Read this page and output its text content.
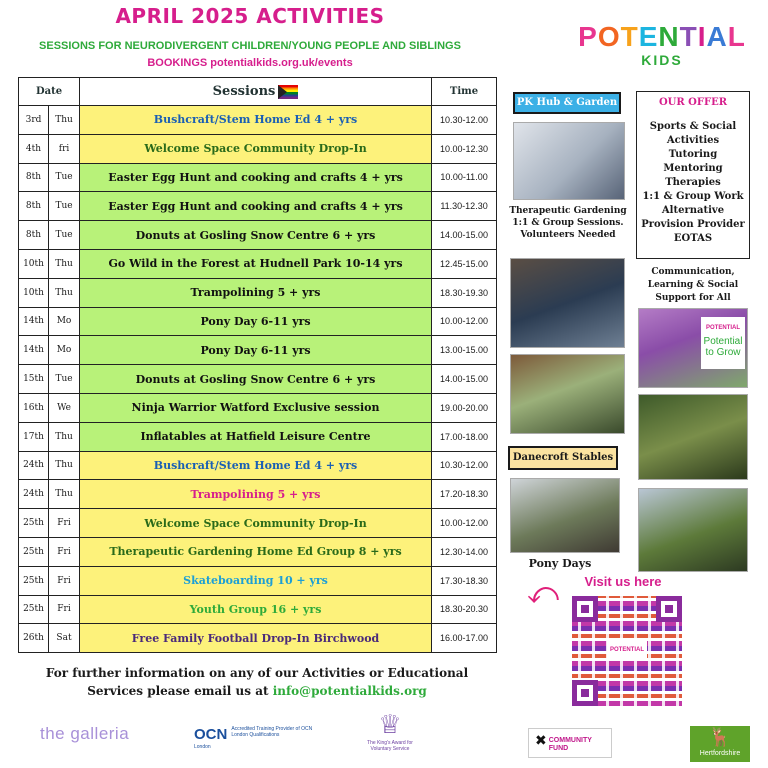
APRIL 2025 ACTIVITIES
SESSIONS FOR NEURODIVERGENT CHILDREN/YOUNG PEOPLE AND SIBLINGS
BOOKINGS potentialkids.org.uk/events
POTENTIAL
KIDS
Date		Sessions	Time
3rd	Thu	Bushcraft/Stem Home Ed 4 + yrs	10.30-12.00
4th	fri	Welcome Space Community Drop-In	10.00-12.30
8th	Tue	Easter Egg Hunt and cooking and crafts 4 + yrs	10.00-11.00
8th	Tue	Easter Egg Hunt and cooking and crafts 4 + yrs	11.30-12.30
8th	Tue	Donuts at Gosling Snow Centre 6 + yrs	14.00-15.00
10th	Thu	Go Wild in the Forest at Hudnell Park 10-14 yrs	12.45-15.00
10th	Thu	Trampolining 5 + yrs	18.30-19.30
14th	Mo	Pony Day 6-11 yrs	10.00-12.00
14th	Mo	Pony Day 6-11 yrs	13.00-15.00
15th	Tue	Donuts at Gosling Snow Centre 6 + yrs	14.00-15.00
16th	We	Ninja Warrior Watford Exclusive session	19.00-20.00
17th	Thu	Inflatables at Hatfield Leisure Centre	17.00-18.00
24th	Thu	Bushcraft/Stem Home Ed 4 + yrs	10.30-12.00
24th	Thu	Trampolining 5 + yrs	17.20-18.30
25th	Fri	Welcome Space Community Drop-In	10.00-12.00
25th	Fri	Therapeutic Gardening Home Ed Group 8 + yrs	12.30-14.00
25th	Fri	Skateboarding 10 + yrs	17.30-18.30
25th	Fri	Youth Group 16 + yrs	18.30-20.30
26th	Sat	Free Family Football Drop-In Birchwood	16.00-17.00
For further information on any of our Activities or Educational
Services please email us at info@potentialkids.org
PK Hub & Garden
Therapeutic Gardening 1:1 & Group Sessions. Volunteers Needed
OUR OFFER
Sports & Social
Activities
Tutoring
Mentoring
Therapies
1:1 & Group Work
Alternative
Provision Provider
EOTAS
Communication, Learning & Social Support for All
POTENTIAL
Potential to Grow
Danecroft Stables
Pony Days
Visit us here
⤺
POTENTIAL
the galleria	OCN Accredited Training Provider of OCN London Qualifications
London
♕
The King's Award for Voluntary Service	✖ COMMUNITY FUND
🦌
Hertfordshire
